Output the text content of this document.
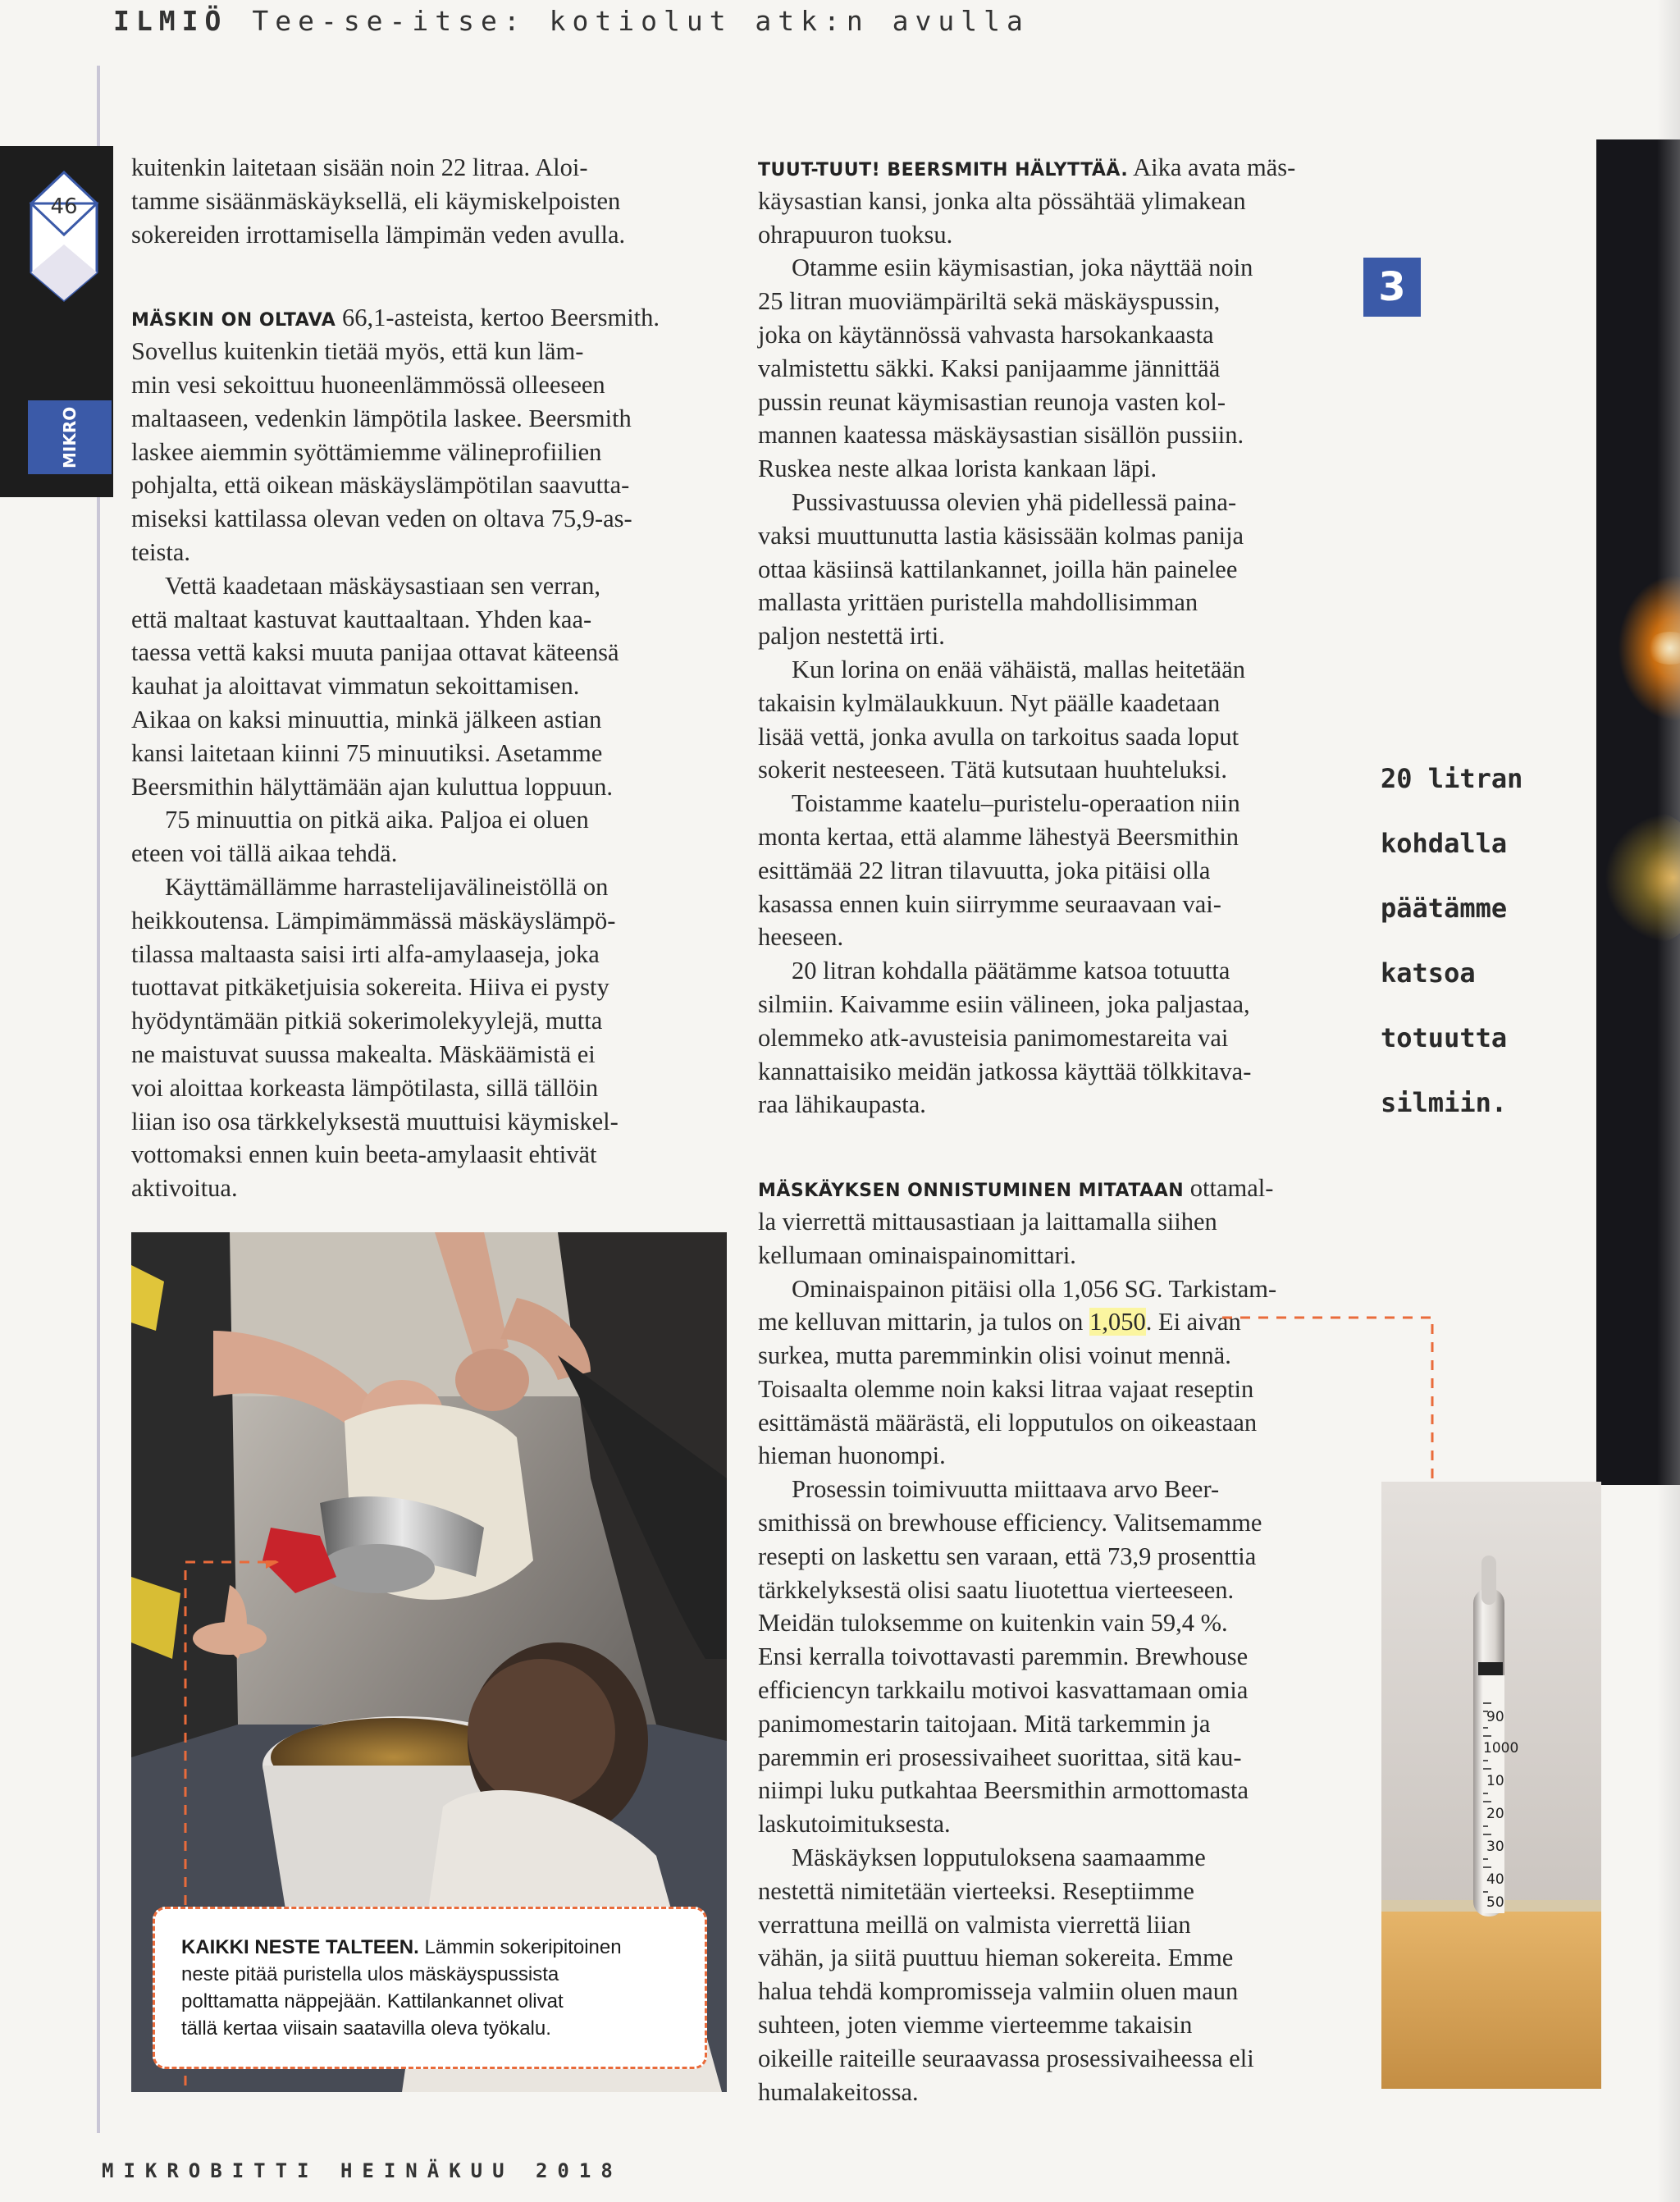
ILMIÖ Tee-se-itse: kotiolut atk:n avulla
46
MIKRO
3
20 litran
kohdalla
päätämme
katsoa
totuutta
silmiin.
kuitenkin laitetaan sisään noin 22 litraa. Aloi-
tamme sisäänmäskäyksellä, eli käymiskelpoisten
sokereiden irrottamisella lämpimän veden avulla.
MÄSKIN ON OLTAVA 66,1-asteista, kertoo Beersmith.
Sovellus kuitenkin tietää myös, että kun läm-
min vesi sekoittuu huoneenlämmössä olleeseen
maltaaseen, vedenkin lämpötila laskee. Beersmith
laskee aiemmin syöttämiemme välineprofiilien
pohjalta, että oikean mäskäyslämpötilan saavutta-
miseksi kattilassa olevan veden on oltava 75,9-as-
teista.
Vettä kaadetaan mäskäysastiaan sen verran,
että maltaat kastuvat kauttaaltaan. Yhden kaa-
taessa vettä kaksi muuta panijaa ottavat käteensä
kauhat ja aloittavat vimmatun sekoittamisen.
Aikaa on kaksi minuuttia, minkä jälkeen astian
kansi laitetaan kiinni 75 minuutiksi. Asetamme
Beersmithin hälyttämään ajan kuluttua loppuun.
75 minuuttia on pitkä aika. Paljoa ei oluen
eteen voi tällä aikaa tehdä.
Käyttämällämme harrastelijavälineistöllä on
heikkoutensa. Lämpimämmässä mäskäyslämpö-
tilassa maltaasta saisi irti alfa-amylaaseja, joka
tuottavat pitkäketjuisia sokereita. Hiiva ei pysty
hyödyntämään pitkiä sokerimolekyylejä, mutta
ne maistuvat suussa makealta. Mäskäämistä ei
voi aloittaa korkeasta lämpötilasta, sillä tällöin
liian iso osa tärkkelyksestä muuttuisi käymiskel-
vottomaksi ennen kuin beeta-amylaasit ehtivät
aktivoitua.
TUUT-TUUT! BEERSMITH HÄLYTTÄÄ. Aika avata mäs-
käysastian kansi, jonka alta pössähtää ylimakean
ohrapuuron tuoksu.
Otamme esiin käymisastian, joka näyttää noin
25 litran muoviämpäriltä sekä mäskäyspussin,
joka on käytännössä vahvasta harsokankaasta
valmistettu säkki. Kaksi panijaamme jännittää
pussin reunat käymisastian reunoja vasten kol-
mannen kaatessa mäskäysastian sisällön pussiin.
Ruskea neste alkaa lorista kankaan läpi.
Pussivastuussa olevien yhä pidellessä paina-
vaksi muuttunutta lastia käsissään kolmas panija
ottaa käsiinsä kattilankannet, joilla hän painelee
mallasta yrittäen puristella mahdollisimman
paljon nestettä irti.
Kun lorina on enää vähäistä, mallas heitetään
takaisin kylmälaukkuun. Nyt päälle kaadetaan
lisää vettä, jonka avulla on tarkoitus saada loput
sokerit nesteeseen. Tätä kutsutaan huuhteluksi.
Toistamme kaatelu–puristelu-operaation niin
monta kertaa, että alamme lähestyä Beersmithin
esittämää 22 litran tilavuutta, joka pitäisi olla
kasassa ennen kuin siirrymme seuraavaan vai-
heeseen.
20 litran kohdalla päätämme katsoa totuutta
silmiin. Kaivamme esiin välineen, joka paljastaa,
olemmeko atk-avusteisia panimomestareita vai
kannattaisiko meidän jatkossa käyttää tölkkitava-
raa lähikaupasta.
MÄSKÄYKSEN ONNISTUMINEN MITATAAN ottamal-
la vierrettä mittausastiaan ja laittamalla siihen
kellumaan ominaispainomittari.
Ominaispainon pitäisi olla 1,056 SG. Tarkistam-
me kelluvan mittarin, ja tulos on 1,050. Ei aivan
surkea, mutta paremminkin olisi voinut mennä.
Toisaalta olemme noin kaksi litraa vajaat reseptin
esittämästä määrästä, eli lopputulos on oikeastaan
hieman huonompi.
Prosessin toimivuutta miittaava arvo Beer-
smithissä on brewhouse efficiency. Valitsemamme
resepti on laskettu sen varaan, että 73,9 prosenttia
tärkkelyksestä olisi saatu liuotettua vierteeseen.
Meidän tuloksemme on kuitenkin vain 59,4 %.
Ensi kerralla toivottavasti paremmin. Brewhouse
efficiencyn tarkkailu motivoi kasvattamaan omia
panimomestarin taitojaan. Mitä tarkemmin ja
paremmin eri prosessivaiheet suorittaa, sitä kau-
niimpi luku putkahtaa Beersmithin armottomasta
laskutoimituksesta.
Mäskäyksen lopputuloksena saamaamme
nestettä nimitetään vierteeksi. Reseptiimme
verrattuna meillä on valmista vierrettä liian
vähän, ja siitä puuttuu hieman sokereita. Emme
halua tehdä kompromisseja valmiin oluen maun
suhteen, joten viemme vierteemme takaisin
oikeille raiteille seuraavassa prosessivaiheessa eli
humalakeitossa.
KAIKKI NESTE TALTEEN. Lämmin sokeripitoinen
neste pitää puristella ulos mäskäyspussista
polttamatta näppejään. Kattilankannet olivat
tällä kertaa viisain saatavilla oleva työkalu.
90
1000
10
20
30
40
50
MIKROBITTI HEINÄKUU 2018
